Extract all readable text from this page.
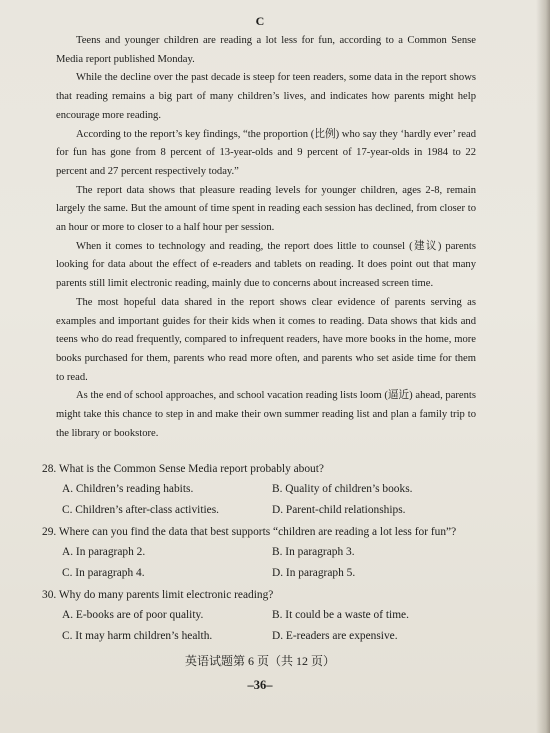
C

Teens and younger children are reading a lot less for fun, according to a Common Sense Media report published Monday.

While the decline over the past decade is steep for teen readers, some data in the report shows that reading remains a big part of many children’s lives, and indicates how parents might help encourage more reading.

According to the report’s key findings, “the proportion (比例) who say they ‘hardly ever’ read for fun has gone from 8 percent of 13-year-olds and 9 percent of 17-year-olds in 1984 to 22 percent and 27 percent respectively today.”

The report data shows that pleasure reading levels for younger children, ages 2-8, remain largely the same. But the amount of time spent in reading each session has declined, from closer to an hour or more to closer to a half hour per session.

When it comes to technology and reading, the report does little to counsel (建议) parents looking for data about the effect of e-readers and tablets on reading. It does point out that many parents still limit electronic reading, mainly due to concerns about increased screen time.

The most hopeful data shared in the report shows clear evidence of parents serving as examples and important guides for their kids when it comes to reading. Data shows that kids and teens who do read frequently, compared to infrequent readers, have more books in the home, more books purchased for them, parents who read more often, and parents who set aside time for them to read.

As the end of school approaches, and school vacation reading lists loom (逼近) ahead, parents might take this chance to step in and make their own summer reading list and plan a family trip to the library or bookstore.

28. What is the Common Sense Media report probably about?
A. Children’s reading habits.	B. Quality of children’s books.
C. Children’s after-class activities.	D. Parent-child relationships.
29. Where can you find the data that best supports “children are reading a lot less for fun”?
A. In paragraph 2.	B. In paragraph 3.
C. In paragraph 4.	D. In paragraph 5.
30. Why do many parents limit electronic reading?
A. E-books are of poor quality.	B. It could be a waste of time.
C. It may harm children’s health.	D. E-readers are expensive.
英语试题第 6 页（共 12 页）
–36–
